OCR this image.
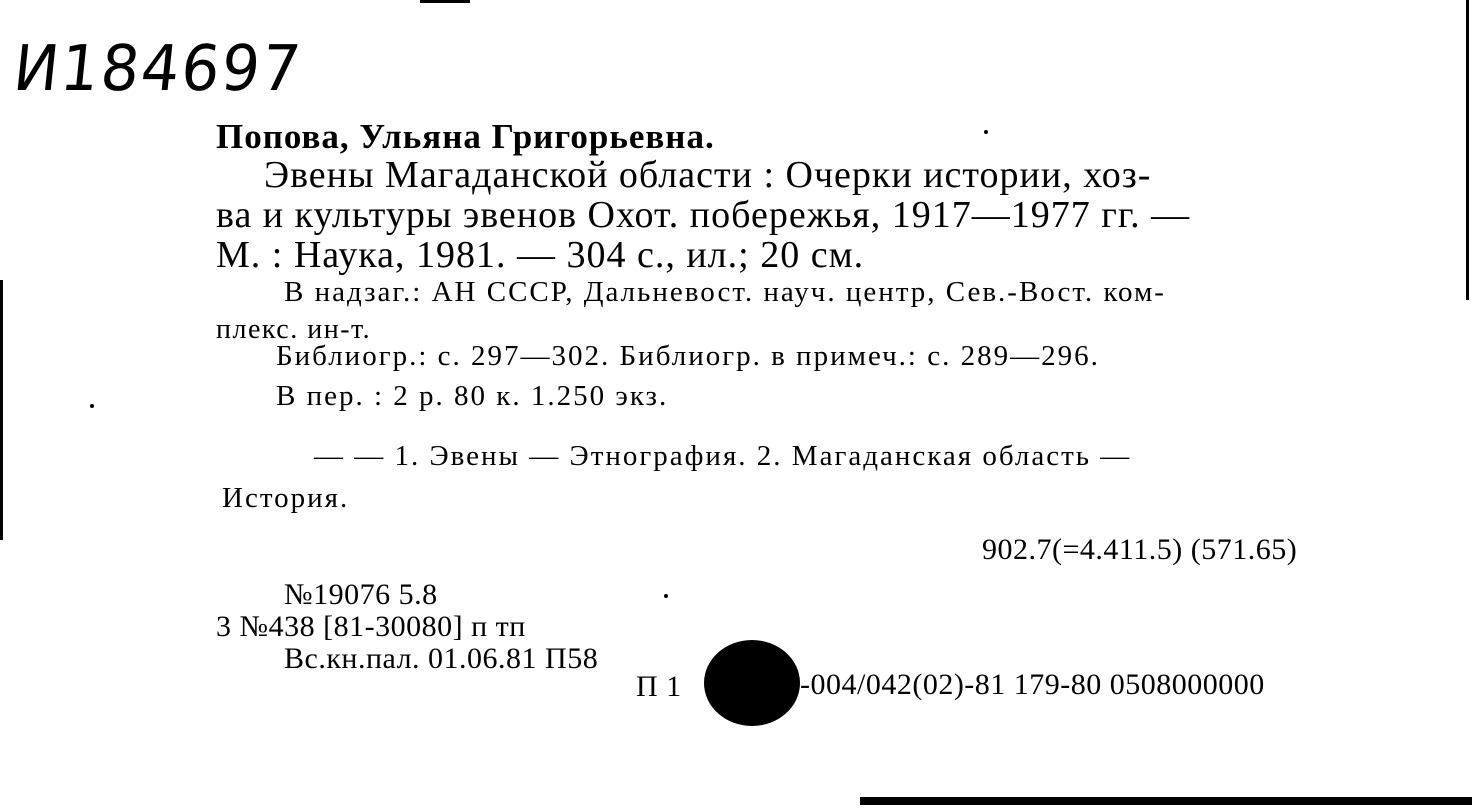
И184697
Попова, Ульяна Григорьевна.
Эвены Магаданской области : Очерки истории, хоз-
ва и культуры эвенов Охот. побережья, 1917—1977 гг. —
М. : Наука, 1981. — 304 с., ил.; 20 см.
В надзаг.: АН СССР, Дальневост. науч. центр, Сев.-Вост. ком-
плекс. ин-т.
Библиогр.: с. 297—302. Библиогр. в примеч.: с. 289—296.
В пер. : 2 р. 80 к. 1.250 экз.
— — 1. Эвены — Этнография. 2. Магаданская область —
История.
902.7(=4.411.5) (571.65)
№19076 5.8
3 №438 [81-30080] п тп
Вс.кн.пал. 01.06.81 П58
П 1	-004/042(02)-81 179-80 0508000000
